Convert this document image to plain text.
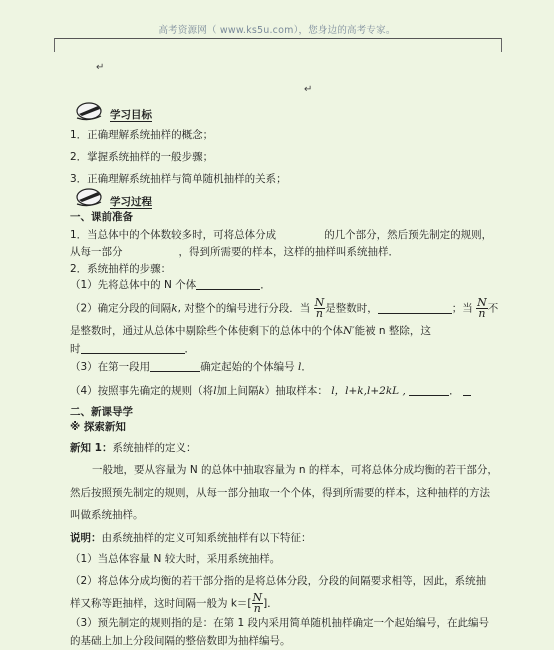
高考资源网（ www.ks5u.com），您身边的高考专家。
↵
↵
学习目标
1．正确理解系统抽样的概念；
2．掌握系统抽样的一般步骤；
3．正确理解系统抽样与简单随机抽样的关系；
学习过程
一、课前准备
1．当总体中的个体数较多时，可将总体分成	的几个部分，然后预先制定的规则，
从每一部分	，得到所需要的样本，这样的抽样叫系统抽样．
2．系统抽样的步骤：
（1）先将总体中的 N 个体	．
（2）确定分段的间隔k, 对整个的编号进行分段．当 $\frac{N}{n}$ 是整数时，	；当 $\frac{N}{n}$ 不
是整数时，通过从总体中剔除些个体使剩下的总体中的个体N′能被 n 整除，这
时	．
（3）在第一段用	确定起始的个体编号 l．
（4）按照事先确定的规则（将l加上间隔k）抽取样本： l，l+k,l+2kL ,	．
二、新课导学
※ 探索新知
新知 1：系统抽样的定义：
一般地，要从容量为 N 的总体中抽取容量为 n 的样本，可将总体分成均衡的若干部分，
然后按照预先制定的规则，从每一部分抽取一个个体，得到所需要的样本，这种抽样的方法
叫做系统抽样。
说明：由系统抽样的定义可知系统抽样有以下特征：
（1）当总体容量 N 较大时，采用系统抽样。
（2）将总体分成均衡的若干部分指的是将总体分段，分段的间隔要求相等，因此，系统抽
样又称等距抽样，这时间隔一般为 $k=[ \frac{N}{n}$ ]．
（3）预先制定的规则指的是：在第 1 段内采用简单随机抽样确定一个起始编号，在此编号
的基础上加上分段间隔的整倍数即为抽样编号。
